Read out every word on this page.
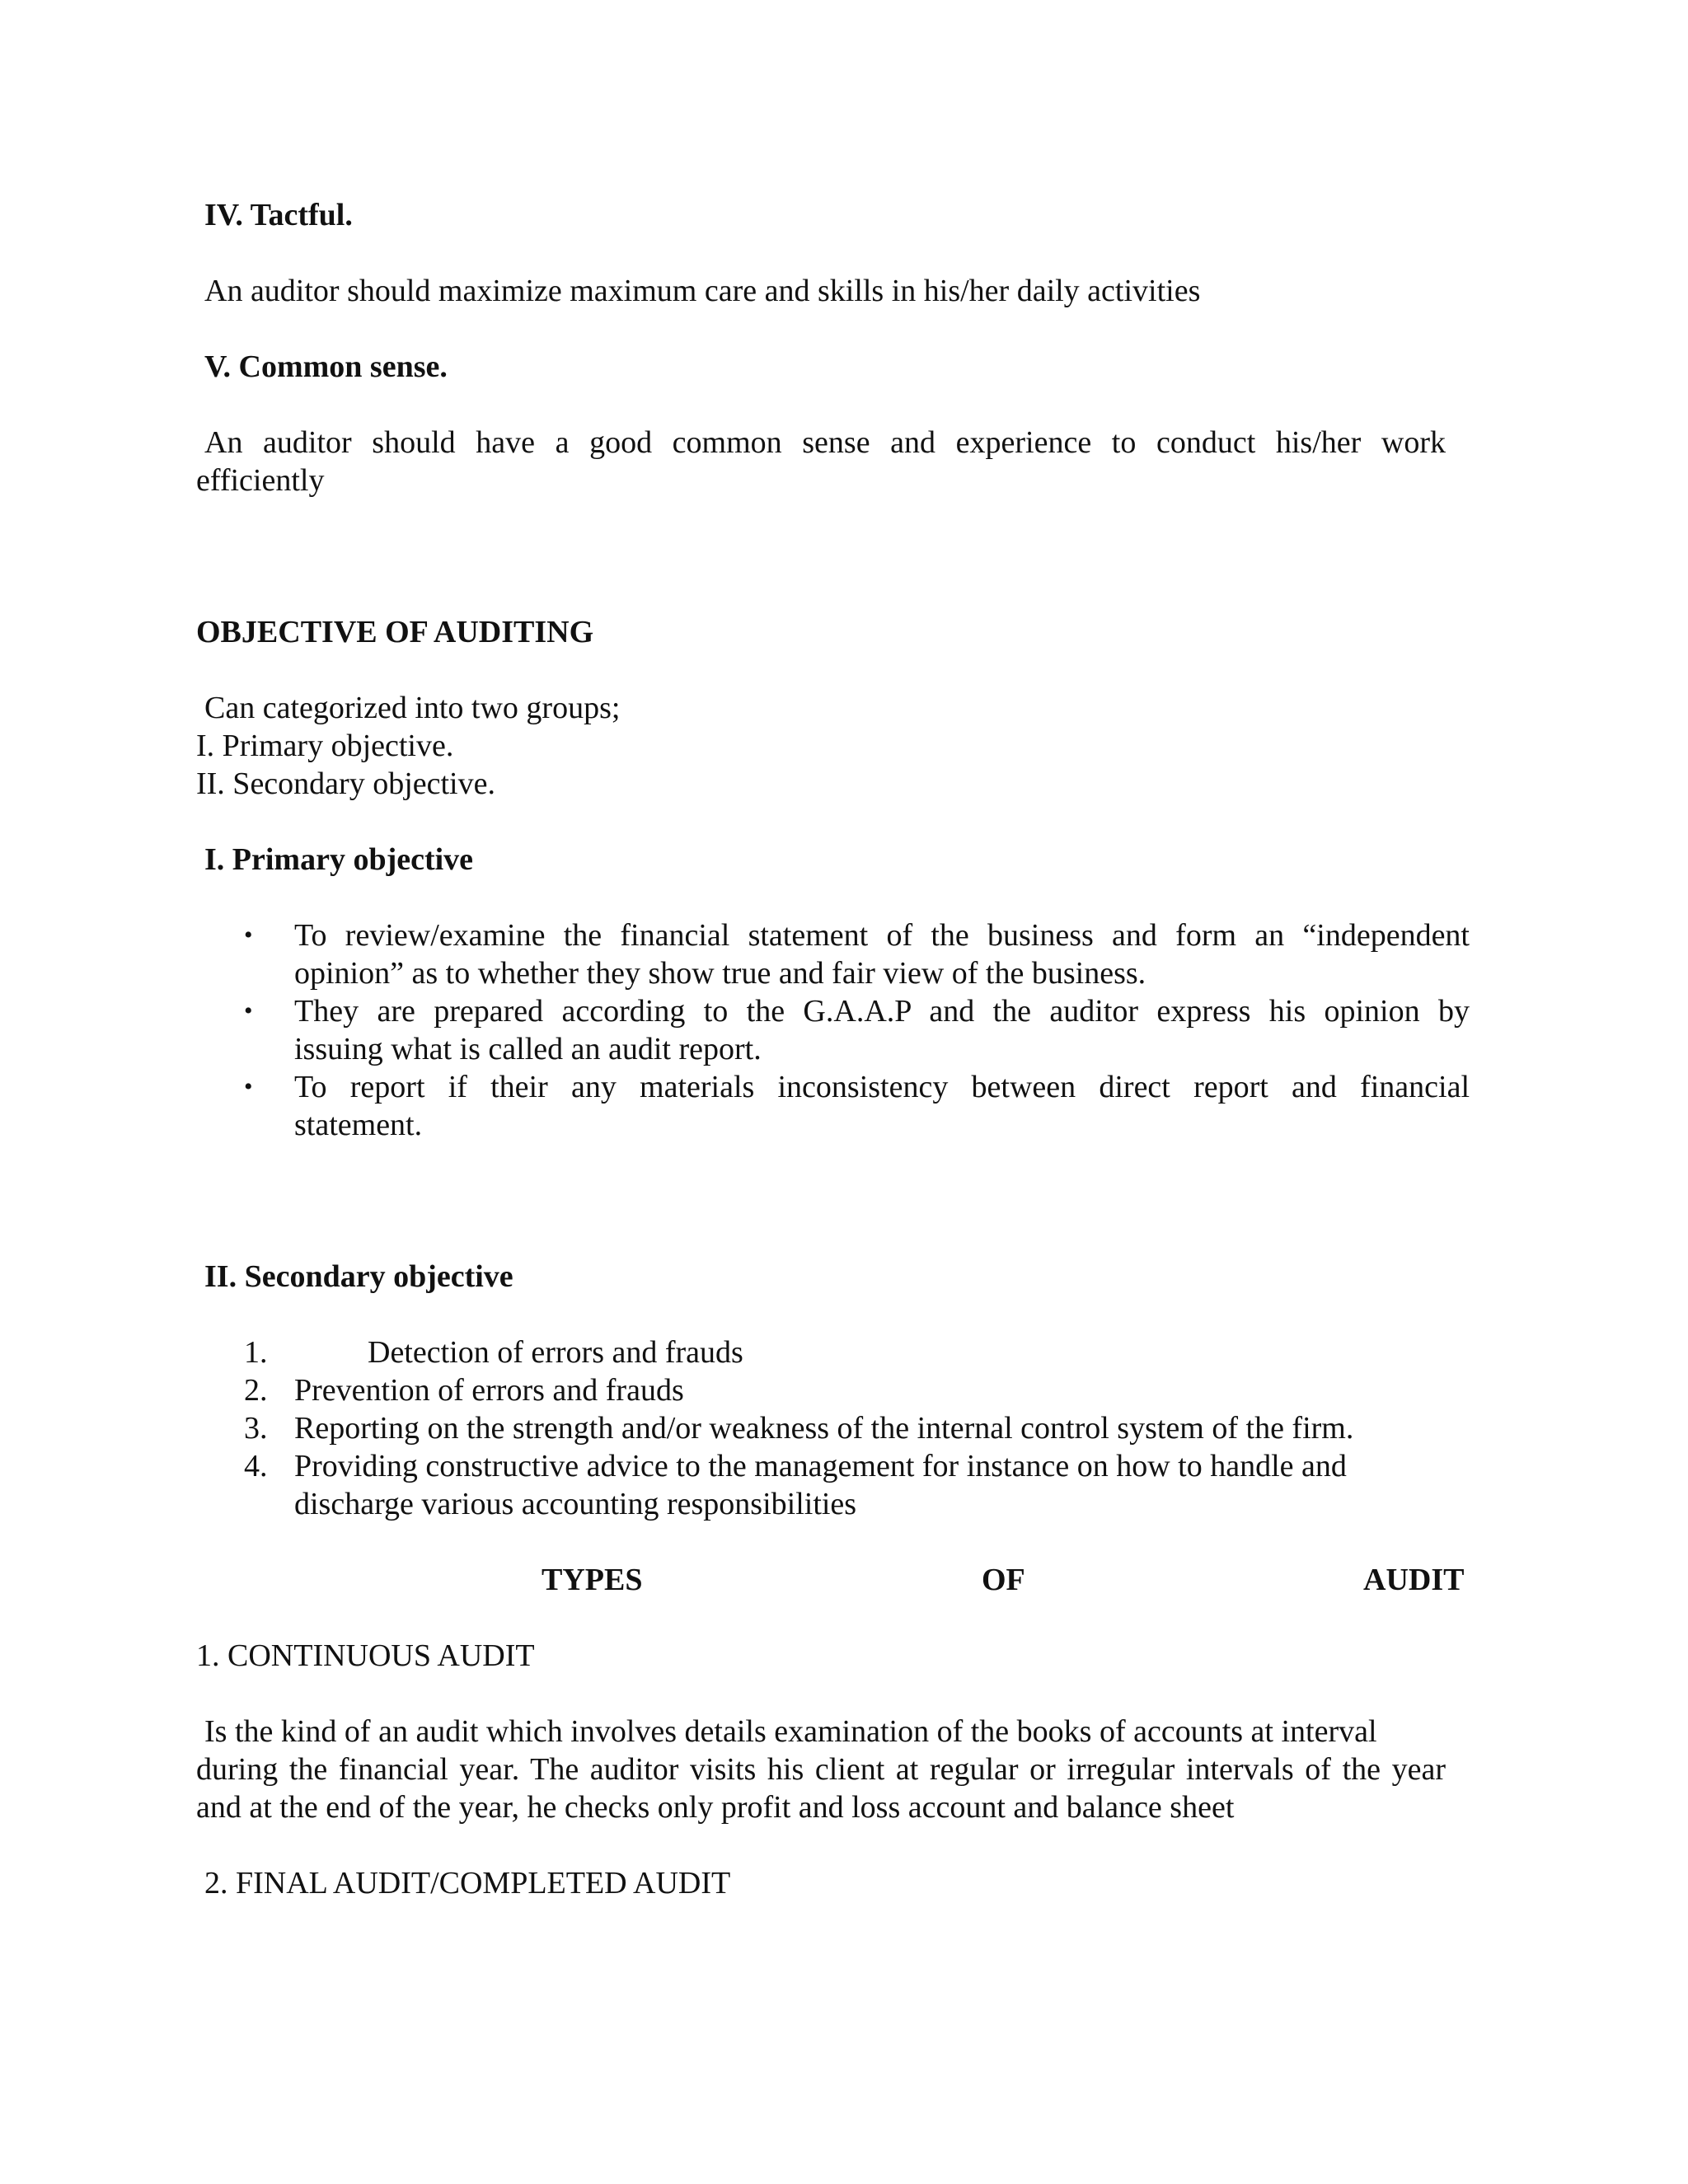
IV. Tactful.

An auditor should maximize maximum care and skills in his/her daily activities

V. Common sense.

An auditor should have a good common sense and experience to conduct his/her work

efficiently

OBJECTIVE OF AUDITING

Can categorized into two groups;

I. Primary objective.

II. Secondary objective.

I. Primary objective

• To review/examine the financial statement of the business and form an “independent

opinion” as to whether they show true and fair view of the business.

• They are prepared according to the G.A.A.P and the auditor express his opinion by

issuing what is called an audit report.

• To report if their any materials inconsistency between direct report and financial

statement.

II. Secondary objective

1.	Detection of errors and frauds

2. Prevention of errors and frauds

3. Reporting on the strength and/or weakness of the internal control system of the firm.

4. Providing constructive advice to the management for instance on how to handle and

discharge various accounting responsibilities

TYPES	OF	AUDIT

1. CONTINUOUS AUDIT

Is the kind of an audit which involves details examination of the books of accounts at interval

during the financial year. The auditor visits his client at regular or irregular intervals of the year

and at the end of the year, he checks only profit and loss account and balance sheet

2. FINAL AUDIT/COMPLETED AUDIT
